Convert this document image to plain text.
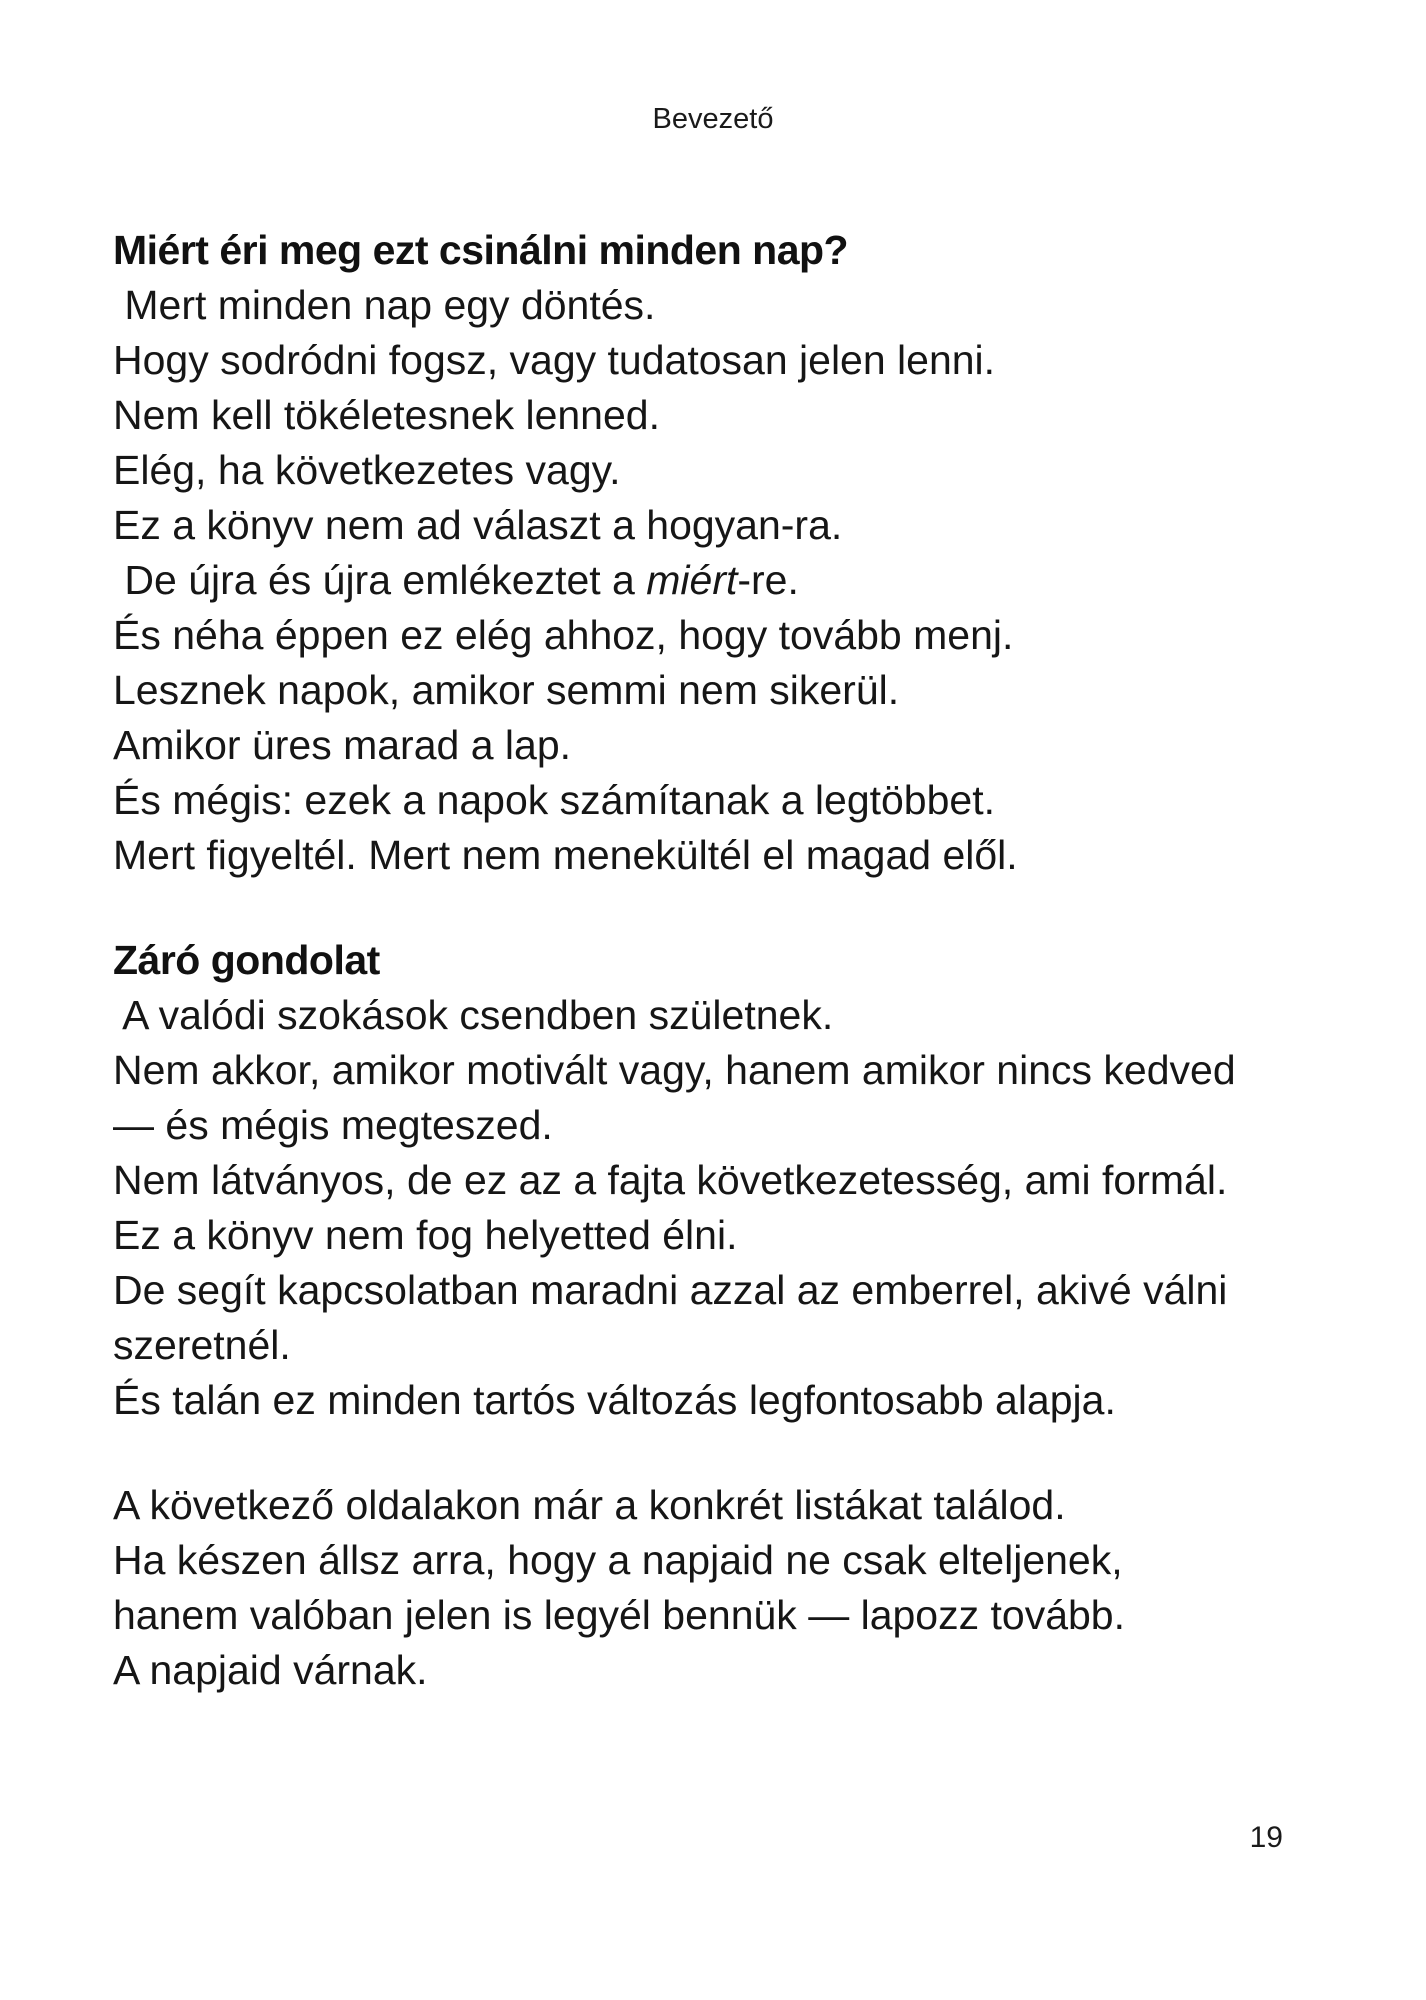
Bevezető
Miért éri meg ezt csinálni minden nap?
Mert minden nap egy döntés.
Hogy sodródni fogsz, vagy tudatosan jelen lenni.
Nem kell tökéletesnek lenned.
Elég, ha következetes vagy.
Ez a könyv nem ad választ a hogyan-ra.
De újra és újra emlékeztet a miért-re.
És néha éppen ez elég ahhoz, hogy tovább menj.
Lesznek napok, amikor semmi nem sikerül.
Amikor üres marad a lap.
És mégis: ezek a napok számítanak a legtöbbet.
Mert figyeltél. Mert nem menekültél el magad elől.
Záró gondolat
A valódi szokások csendben születnek.
Nem akkor, amikor motivált vagy, hanem amikor nincs kedved
— és mégis megteszed.
Nem látványos, de ez az a fajta következetesség, ami formál.
Ez a könyv nem fog helyetted élni.
De segít kapcsolatban maradni azzal az emberrel, akivé válni
szeretnél.
És talán ez minden tartós változás legfontosabb alapja.
A következő oldalakon már a konkrét listákat találod.
Ha készen állsz arra, hogy a napjaid ne csak elteljenek,
hanem valóban jelen is legyél bennük — lapozz tovább.
A napjaid várnak.
19
